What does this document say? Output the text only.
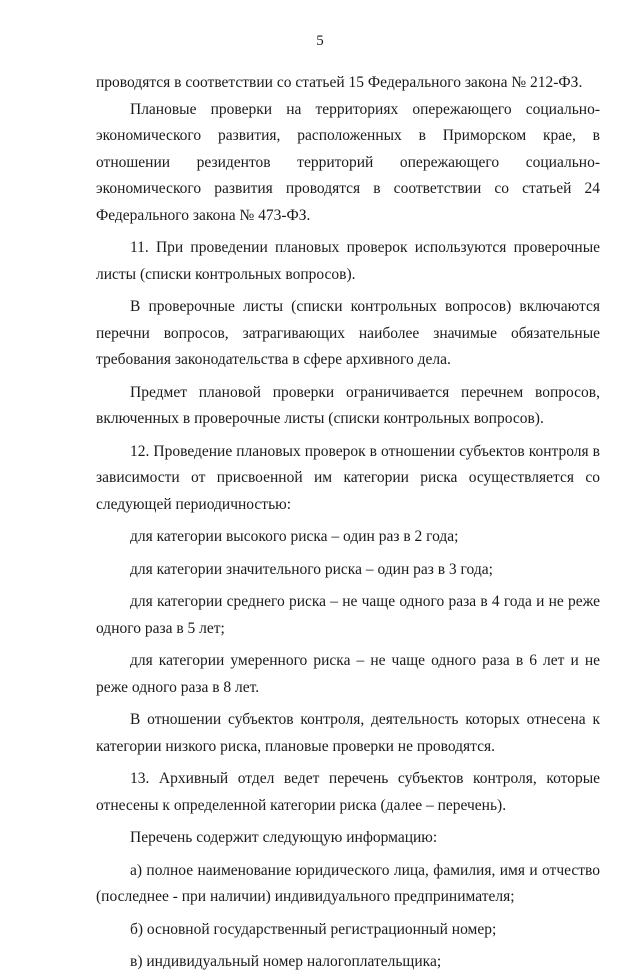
5

проводятся в соответствии со статьей 15 Федерального закона № 212-ФЗ.

Плановые проверки на территориях опережающего социально-экономического развития, расположенных в Приморском крае, в отношении резидентов территорий опережающего социально-экономического развития проводятся в соответствии со статьей 24 Федерального закона № 473-ФЗ.

11. При проведении плановых проверок используются проверочные листы (списки контрольных вопросов).

В проверочные листы (списки контрольных вопросов) включаются перечни вопросов, затрагивающих наиболее значимые обязательные требования законодательства в сфере архивного дела.

Предмет плановой проверки ограничивается перечнем вопросов, включенных в проверочные листы (списки контрольных вопросов).

12. Проведение плановых проверок в отношении субъектов контроля в зависимости от присвоенной им категории риска осуществляется со следующей периодичностью:

для категории высокого риска – один раз в 2 года;

для категории значительного риска – один раз в 3 года;

для категории среднего риска – не чаще одного раза в 4 года и не реже одного раза в 5 лет;

для категории умеренного риска – не чаще одного раза в 6 лет и не реже одного раза в 8 лет.

В отношении субъектов контроля, деятельность которых отнесена к категории низкого риска, плановые проверки не проводятся.

13. Архивный отдел ведет перечень субъектов контроля, которые отнесены к определенной категории риска (далее – перечень).

Перечень содержит следующую информацию:

а) полное наименование юридического лица, фамилия, имя и отчество (последнее - при наличии) индивидуального предпринимателя;

б) основной государственный регистрационный номер;

в) индивидуальный номер налогоплательщика;
